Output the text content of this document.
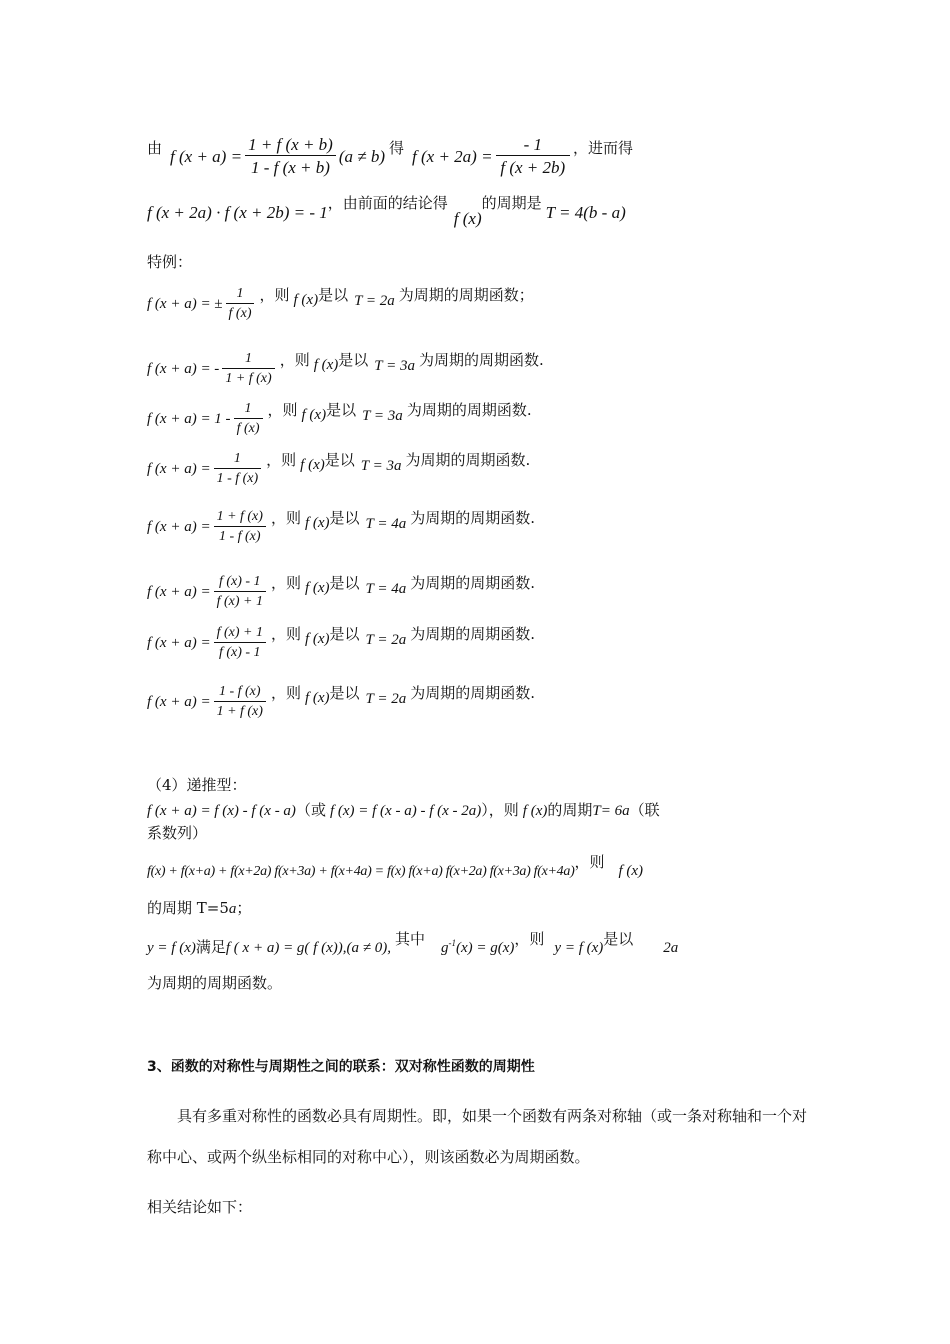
由 f $(x + a) = \frac{1 + f (x + b)}{1 - f (x + b)} (a \ne b)$ 得 f $(x + 2a) = \frac{- 1}{f (x + 2b)}$ ，进而得
f (x + 2a) · f (x + 2b) = - 1 ，由前面的结论得
f (x)
的周期是 T = 4(b - a)
特例：
f (x + a) = ± $\frac{1}{f (x)}$ ，则 f (x) 是以 T = 2a 为周期的周期函数；
f (x + a) = - $\frac{1}{1 + f (x)}$ ，则 f (x) 是以 T = 3a 为周期的周期函数.
f $(x + a) = 1 - \frac{1}{f (x)}$ ，则 f (x) 是以 T = 3a 为周期的周期函数.
f $(x + a) = \frac{1}{1 - f (x)}$ ，则 f (x) 是以 T = 3a 为周期的周期函数.
f $(x + a) = \frac{1 + f (x)}{1 - f (x)}$ ，则 f (x) 是以 T = 4a 为周期的周期函数.
f $(x + a) = \frac{f (x) - 1}{f (x) + 1}$ ，则 f (x) 是以 T = 4a 为周期的周期函数.
f $(x + a) = \frac{f (x) + 1}{f (x) - 1}$ ，则 f (x) 是以 T = 2a 为周期的周期函数.
f $(x + a) = \frac{1 - f (x)}{1 + f (x)}$ ，则 f (x) 是以 T = 2a 为周期的周期函数.
（4）递推型：
f (x + a) = f (x) - f (x - a)（或 f (x) = f (x - a) - f (x - 2a)），则 f (x)的周期T= 6a（联
系数列）
f(x) + f(x+a) + f(x+2a) f(x+3a) + f(x+4a) = f(x) f(x+a) f(x+2a) f(x+3a) f(x+4a)，则 f (x)
的周期 T=5a；
y = f (x)满足f ( x + a) = g( f (x)),(a ≠ 0), 其中 $g^{-1}(x) = g(x)$，则 y = f (x)是以 2a
为周期的周期函数。
3、函数的对称性与周期性之间的联系：双对称性函数的周期性
具有多重对称性的函数必具有周期性。即，如果一个函数有两条对称轴（或一条对称轴和一个对称中心、或两个纵坐标相同的对称中心），则该函数必为周期函数。
相关结论如下：
